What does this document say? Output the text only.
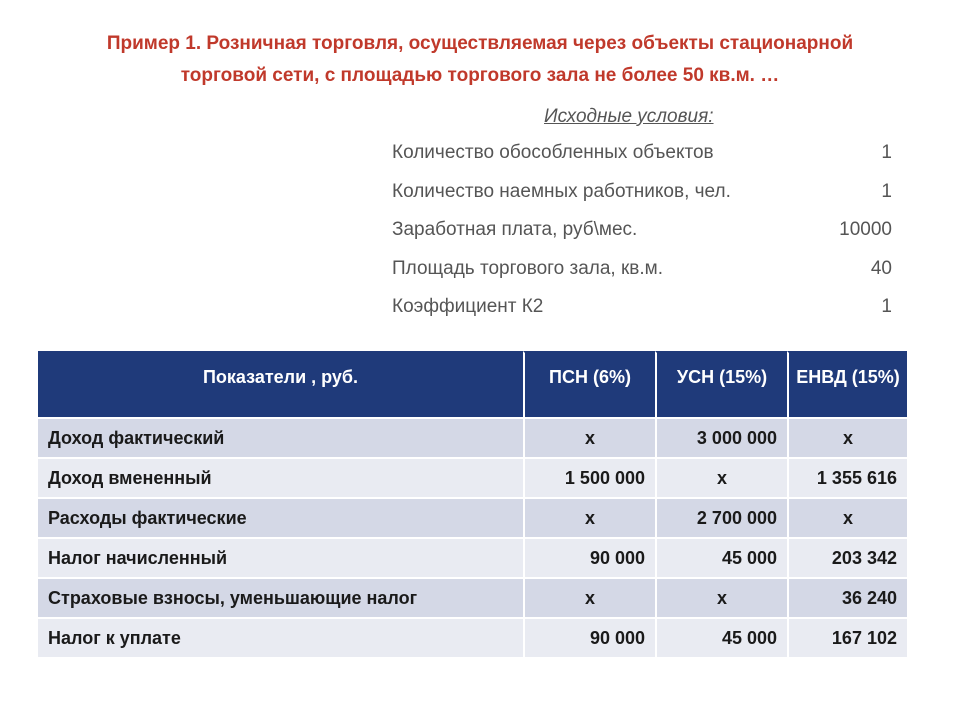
Пример 1. Розничная торговля, осуществляемая через объекты стационарной
торговой сети, с площадью торгового зала не более 50 кв.м. …
Исходные условия:
Количество обособленных объектов	1
Количество наемных работников, чел.	1
Заработная плата, руб\мес.	10000
Площадь торгового зала, кв.м.	40
Коэффициент К2	1
Показатели , руб.	ПСН (6%)	УСН (15%)	ЕНВД (15%)
Доход фактический	х	3 000 000	х
Доход вмененный	1 500 000	х	1 355 616
Расходы фактические	х	2 700 000	х
Налог начисленный	90 000	45 000	203 342
Страховые взносы, уменьшающие налог	х	х	36 240
Налог к уплате	90 000	45 000	167 102
